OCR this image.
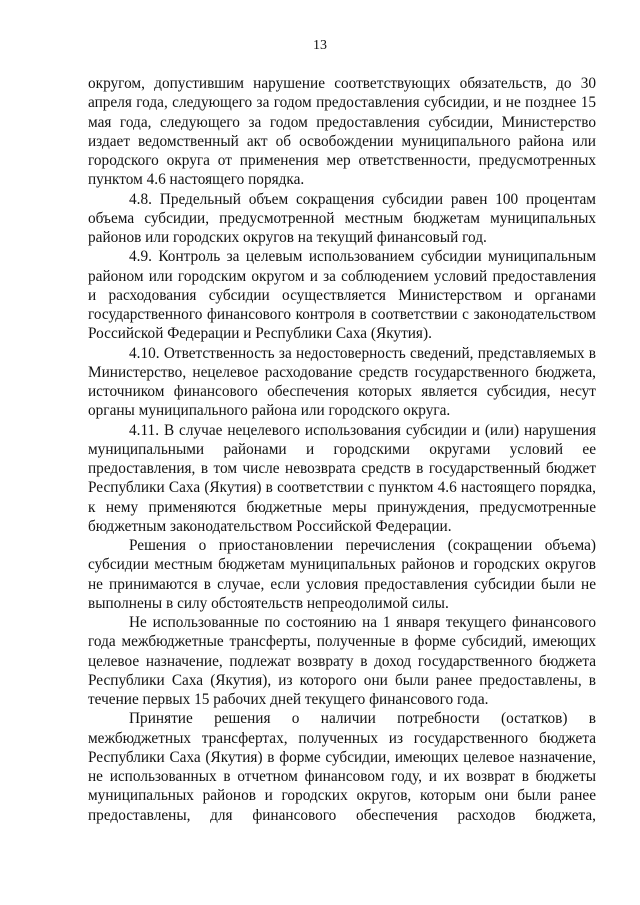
13

округом, допустившим нарушение соответствующих обязательств, до 30 апреля года, следующего за годом предоставления субсидии, и не позднее 15 мая года, следующего за годом предоставления субсидии, Министерство издает ведомственный акт об освобождении муниципального района или городского округа от применения мер ответственности, предусмотренных пунктом 4.6 настоящего порядка.

4.8. Предельный объем сокращения субсидии равен 100 процентам объема субсидии, предусмотренной местным бюджетам муниципальных районов или городских округов на текущий финансовый год.

4.9. Контроль за целевым использованием субсидии муниципальным районом или городским округом и за соблюдением условий предоставления и расходования субсидии осуществляется Министерством и органами государственного финансового контроля в соответствии с законодательством Российской Федерации и Республики Саха (Якутия).

4.10. Ответственность за недостоверность сведений, представляемых в Министерство, нецелевое расходование средств государственного бюджета, источником финансового обеспечения которых является субсидия, несут органы муниципального района или городского округа.

4.11. В случае нецелевого использования субсидии и (или) нарушения муниципальными районами и городскими округами условий ее предоставления, в том числе невозврата средств в государственный бюджет Республики Саха (Якутия) в соответствии с пунктом 4.6 настоящего порядка, к нему применяются бюджетные меры принуждения, предусмотренные бюджетным законодательством Российской Федерации.

Решения о приостановлении перечисления (сокращении объема) субсидии местным бюджетам муниципальных районов и городских округов не принимаются в случае, если условия предоставления субсидии были не выполнены в силу обстоятельств непреодолимой силы.

Не использованные по состоянию на 1 января текущего финансового года межбюджетные трансферты, полученные в форме субсидий, имеющих целевое назначение, подлежат возврату в доход государственного бюджета Республики Саха (Якутия), из которого они были ранее предоставлены, в течение первых 15 рабочих дней текущего финансового года.

Принятие решения о наличии потребности (остатков) в межбюджетных трансфертах, полученных из государственного бюджета Республики Саха (Якутия) в форме субсидии, имеющих целевое назначение, не использованных в отчетном финансовом году, и их возврат в бюджеты муниципальных районов и городских округов, которым они были ранее предоставлены, для финансового обеспечения расходов бюджета,
